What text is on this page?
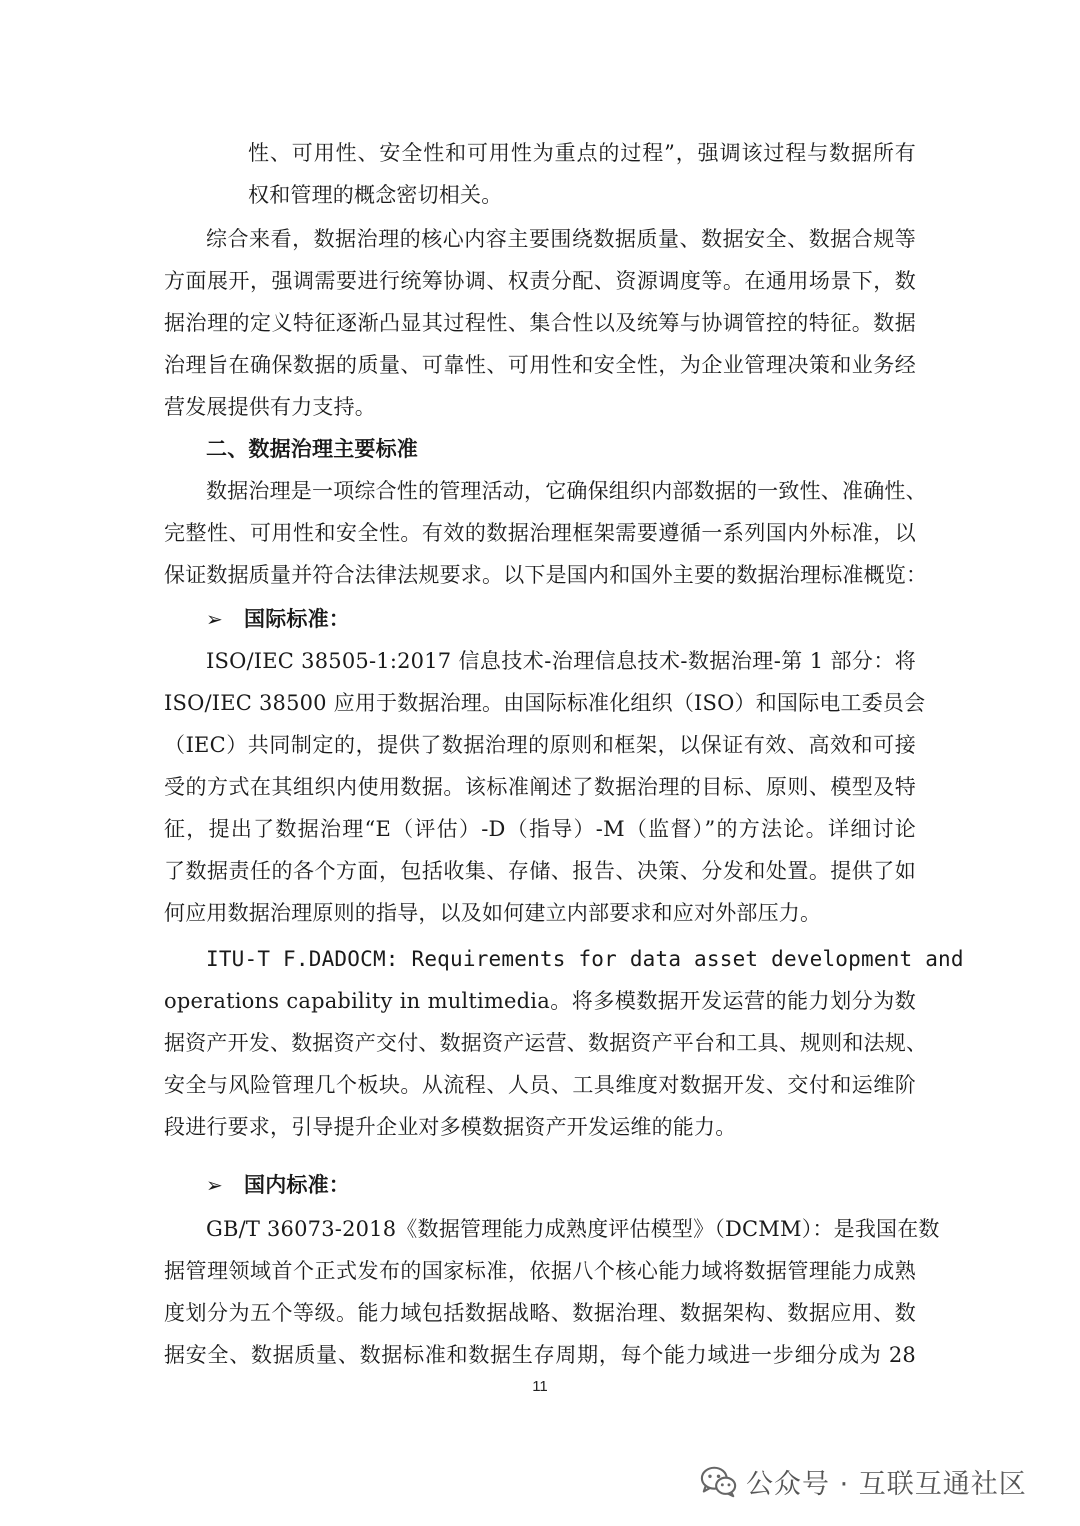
性、可用性、安全性和可用性为重点的过程”，强调该过程与数据所有
权和管理的概念密切相关。
综合来看，数据治理的核心内容主要围绕数据质量、数据安全、数据合规等
方面展开，强调需要进行统筹协调、权责分配、资源调度等。在通用场景下，数
据治理的定义特征逐渐凸显其过程性、集合性以及统筹与协调管控的特征。数据
治理旨在确保数据的质量、可靠性、可用性和安全性，为企业管理决策和业务经
营发展提供有力支持。
二、数据治理主要标准
数据治理是一项综合性的管理活动，它确保组织内部数据的一致性、准确性、
完整性、可用性和安全性。有效的数据治理框架需要遵循一系列国内外标准，以
保证数据质量并符合法律法规要求。以下是国内和国外主要的数据治理标准概览：
➢	国际标准：
ISO/IEC 38505-1:2017 信息技术-治理信息技术-数据治理-第 1 部分：将
ISO/IEC 38500 应用于数据治理。由国际标准化组织（ISO）和国际电工委员会
（IEC）共同制定的，提供了数据治理的原则和框架，以保证有效、高效和可接
受的方式在其组织内使用数据。该标准阐述了数据治理的目标、原则、模型及特
征，提出了数据治理“E（评估）-D（指导）-M（监督）”的方法论。详细讨论
了数据责任的各个方面，包括收集、存储、报告、决策、分发和处置。提供了如
何应用数据治理原则的指导，以及如何建立内部要求和应对外部压力。
ITU-T F.DADOCM: Requirements for data asset development and
operations capability in multimedia。将多模数据开发运营的能力划分为数
据资产开发、数据资产交付、数据资产运营、数据资产平台和工具、规则和法规、
安全与风险管理几个板块。从流程、人员、工具维度对数据开发、交付和运维阶
段进行要求，引导提升企业对多模数据资产开发运维的能力。
➢	国内标准：
GB/T 36073-2018《数据管理能力成熟度评估模型》（DCMM）：是我国在数
据管理领域首个正式发布的国家标准，依据八个核心能力域将数据管理能力成熟
度划分为五个等级。能力域包括数据战略、数据治理、数据架构、数据应用、数
据安全、数据质量、数据标准和数据生存周期，每个能力域进一步细分成为 28
11
公众号 · 互联互通社区
